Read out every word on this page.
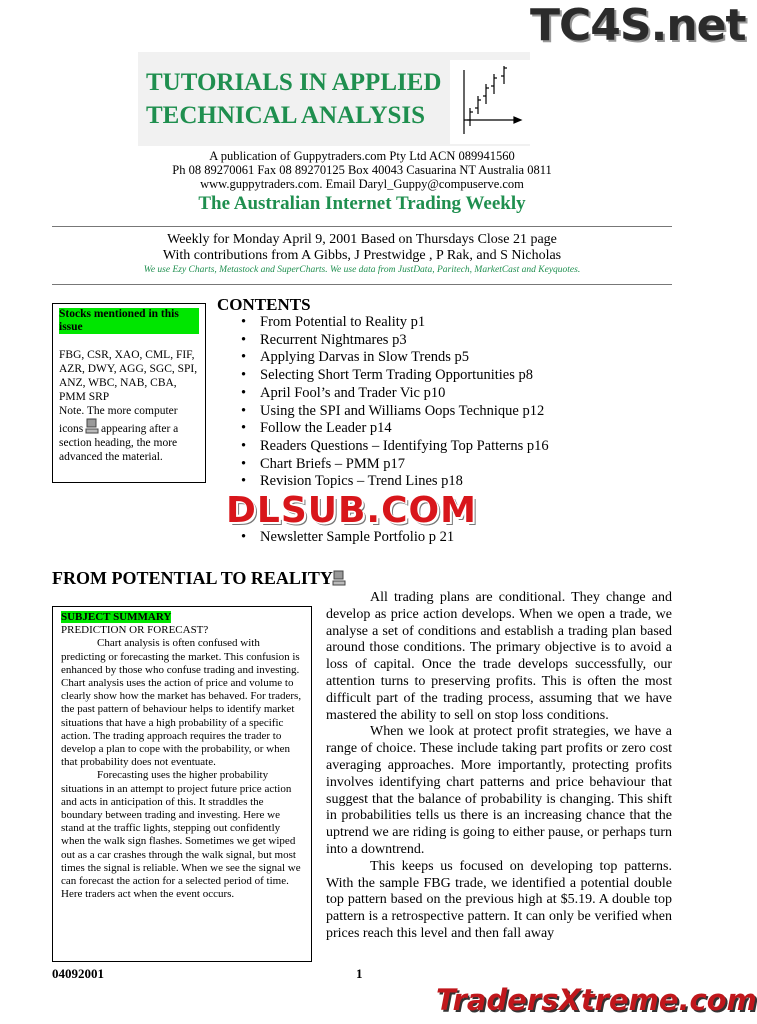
TC4S.net
TUTORIALS IN APPLIED
TECHNICAL ANALYSIS
A publication of Guppytraders.com Pty Ltd ACN 089941560
Ph 08 89270061 Fax 08 89270125 Box 40043 Casuarina NT Australia 0811
www.guppytraders.com. Email Daryl_Guppy@compuserve.com
The Australian Internet Trading Weekly
Weekly for Monday April 9, 2001 Based on Thursdays Close 21 page
With contributions from A Gibbs, J Prestwidge , P Rak, and S Nicholas
We use Ezy Charts, Metastock and SuperCharts. We use data from JustData, Paritech, MarketCast and Keyquotes.
Stocks mentioned in this issue
FBG, CSR, XAO, CML, FIF, AZR, DWY, AGG, SGC, SPI, ANZ, WBC, NAB, CBA, PMM SRP
Note. The more computer icons  appearing after a section heading, the more advanced the material.
CONTENTS
• From Potential to Reality p1
• Recurrent Nightmares p3
• Applying Darvas in Slow Trends p5
• Selecting Short Term Trading Opportunities p8
• April Fool’s and Trader Vic p10
• Using the SPI and Williams Oops Technique p12
• Follow the Leader p14
• Readers Questions – Identifying Top Patterns p16
• Chart Briefs – PMM p17
• Revision Topics – Trend Lines p18
DLSUB.COM
• Newsletter Sample Portfolio p 21
FROM POTENTIAL TO REALITY

SUBJECT SUMMARY

PREDICTION OR FORECAST?

Chart analysis is often confused with predicting or forecasting the market. This confusion is enhanced by those who confuse trading and investing. Chart analysis uses the action of price and volume to clearly show how the market has behaved. For traders, the past pattern of behaviour helps to identify market situations that have a high probability of a specific action. The trading approach requires the trader to develop a plan to cope with the probability, or when that probability does not eventuate.

Forecasting uses the higher probability situations in an attempt to project future price action and acts in anticipation of this. It straddles the boundary between trading and investing. Here we stand at the traffic lights, stepping out confidently when the walk sign flashes. Sometimes we get wiped out as a car crashes through the walk signal, but most times the signal is reliable. When we see the signal we can forecast the action for a selected period of time. Here traders act when the event occurs.

All trading plans are conditional. They change and develop as price action develops. When we open a trade, we analyse a set of conditions and establish a trading plan based around those conditions. The primary objective is to avoid a loss of capital. Once the trade develops successfully, our attention turns to preserving profits. This is often the most difficult part of the trading process, assuming that we have mastered the ability to sell on stop loss conditions.

When we look at protect profit strategies, we have a range of choice. These include taking part profits or zero cost averaging approaches. More importantly, protecting profits involves identifying chart patterns and price behaviour that suggest that the balance of probability is changing. This shift in probabilities tells us there is an increasing chance that the uptrend we are riding is going to either pause, or perhaps turn into a downtrend.

This keeps us focused on developing top patterns. With the sample FBG trade, we identified a potential double top pattern based on the previous high at $5.19. A double top pattern is a retrospective pattern. It can only be verified when prices reach this level and then fall away

04092001	1
TradersXtreme.com
